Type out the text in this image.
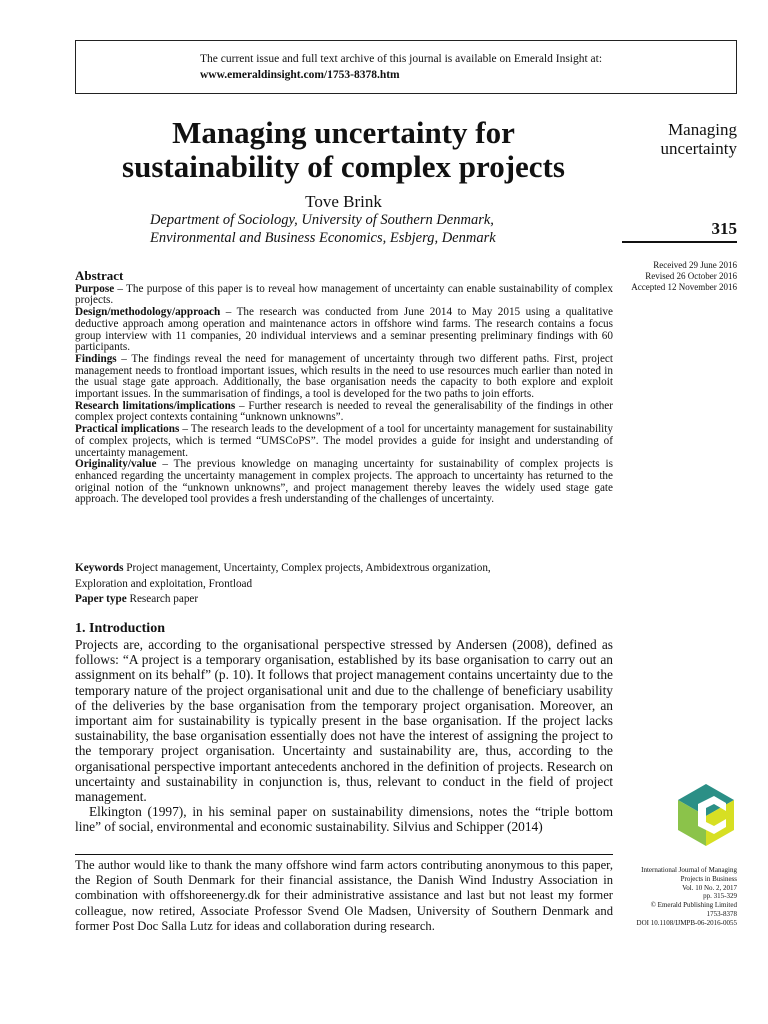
The current issue and full text archive of this journal is available on Emerald Insight at:
www.emeraldinsight.com/1753-8378.htm
Managing uncertainty for
sustainability of complex projects
Tove Brink
Department of Sociology, University of Southern Denmark,
Environmental and Business Economics, Esbjerg, Denmark
Managing
uncertainty
315
Received 29 June 2016
Revised 26 October 2016
Accepted 12 November 2016
Abstract

Purpose – The purpose of this paper is to reveal how management of uncertainty can enable sustainability of complex projects.

Design/methodology/approach – The research was conducted from June 2014 to May 2015 using a qualitative deductive approach among operation and maintenance actors in offshore wind farms. The research contains a focus group interview with 11 companies, 20 individual interviews and a seminar presenting preliminary findings with 60 participants.

Findings – The findings reveal the need for management of uncertainty through two different paths. First, project management needs to frontload important issues, which results in the need to use resources much earlier than noted in the usual stage gate approach. Additionally, the base organisation needs the capacity to both explore and exploit important issues. In the summarisation of findings, a tool is developed for the two paths to join efforts.

Research limitations/implications – Further research is needed to reveal the generalisability of the findings in other complex project contexts containing “unknown unknowns”.

Practical implications – The research leads to the development of a tool for uncertainty management for sustainability of complex projects, which is termed “UMSCoPS”. The model provides a guide for insight and understanding of uncertainty management.

Originality/value – The previous knowledge on managing uncertainty for sustainability of complex projects is enhanced regarding the uncertainty management in complex projects. The approach to uncertainty has returned to the original notion of the “unknown unknowns”, and project management thereby leaves the widely used stage gate approach. The developed tool provides a fresh understanding of the challenges of uncertainty.

Keywords Project management, Uncertainty, Complex projects, Ambidextrous organization,

Exploration and exploitation, Frontload

Paper type Research paper

1. Introduction

Projects are, according to the organisational perspective stressed by Andersen (2008), defined as follows: “A project is a temporary organisation, established by its base organisation to carry out an assignment on its behalf” (p. 10). It follows that project management contains uncertainty due to the temporary nature of the project organisational unit and due to the challenge of beneficiary usability of the deliveries by the base organisation from the temporary project organisation. Moreover, an important aim for sustainability is typically present in the base organisation. If the project lacks sustainability, the base organisation essentially does not have the interest of assigning the project to the temporary project organisation. Uncertainty and sustainability are, thus, according to the organisational perspective important antecedents anchored in the definition of projects. Research on uncertainty and sustainability in conjunction is, thus, relevant to conduct in the field of project management.

Elkington (1997), in his seminal paper on sustainability dimensions, notes the “triple bottom line” of social, environmental and economic sustainability. Silvius and Schipper (2014)

The author would like to thank the many offshore wind farm actors contributing anonymous to this paper, the Region of South Denmark for their financial assistance, the Danish Wind Industry Association in combination with offshoreenergy.dk for their administrative assistance and last but not least my former colleague, now retired, Associate Professor Svend Ole Madsen, University of Southern Denmark and former Post Doc Salla Lutz for ideas and collaboration during research.
International Journal of Managing
Projects in Business
Vol. 10 No. 2, 2017
pp. 315-329
© Emerald Publishing Limited
1753-8378
DOI 10.1108/IJMPB-06-2016-0055
